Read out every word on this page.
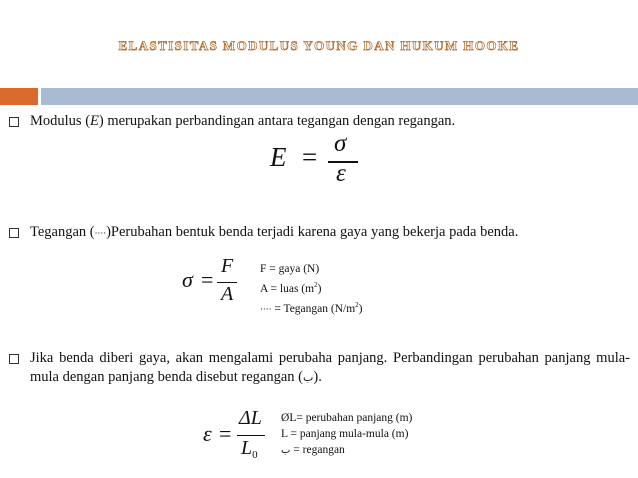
ELASTISITAS MODULUS YOUNG DAN HUKUM HOOKE
Modulus (E) merupakan perbandingan antara tegangan dengan regangan.
E = σ
ε
Tegangan (····)Perubahan bentuk benda terjadi karena gaya yang bekerja pada benda.
σ =
F
A
F = gaya (N)
A = luas $(m^2)$
···· = Tegangan $(N/m^2)$
Jika benda diberi gaya, akan mengalami perubaha panjang. Perbandingan perubahan panjang mula-mula dengan panjang benda disebut regangan (ب).
ε =
ΔL
$L_0$
ØL= perubahan panjang (m)
L = panjang mula-mula (m)
ب = regangan
